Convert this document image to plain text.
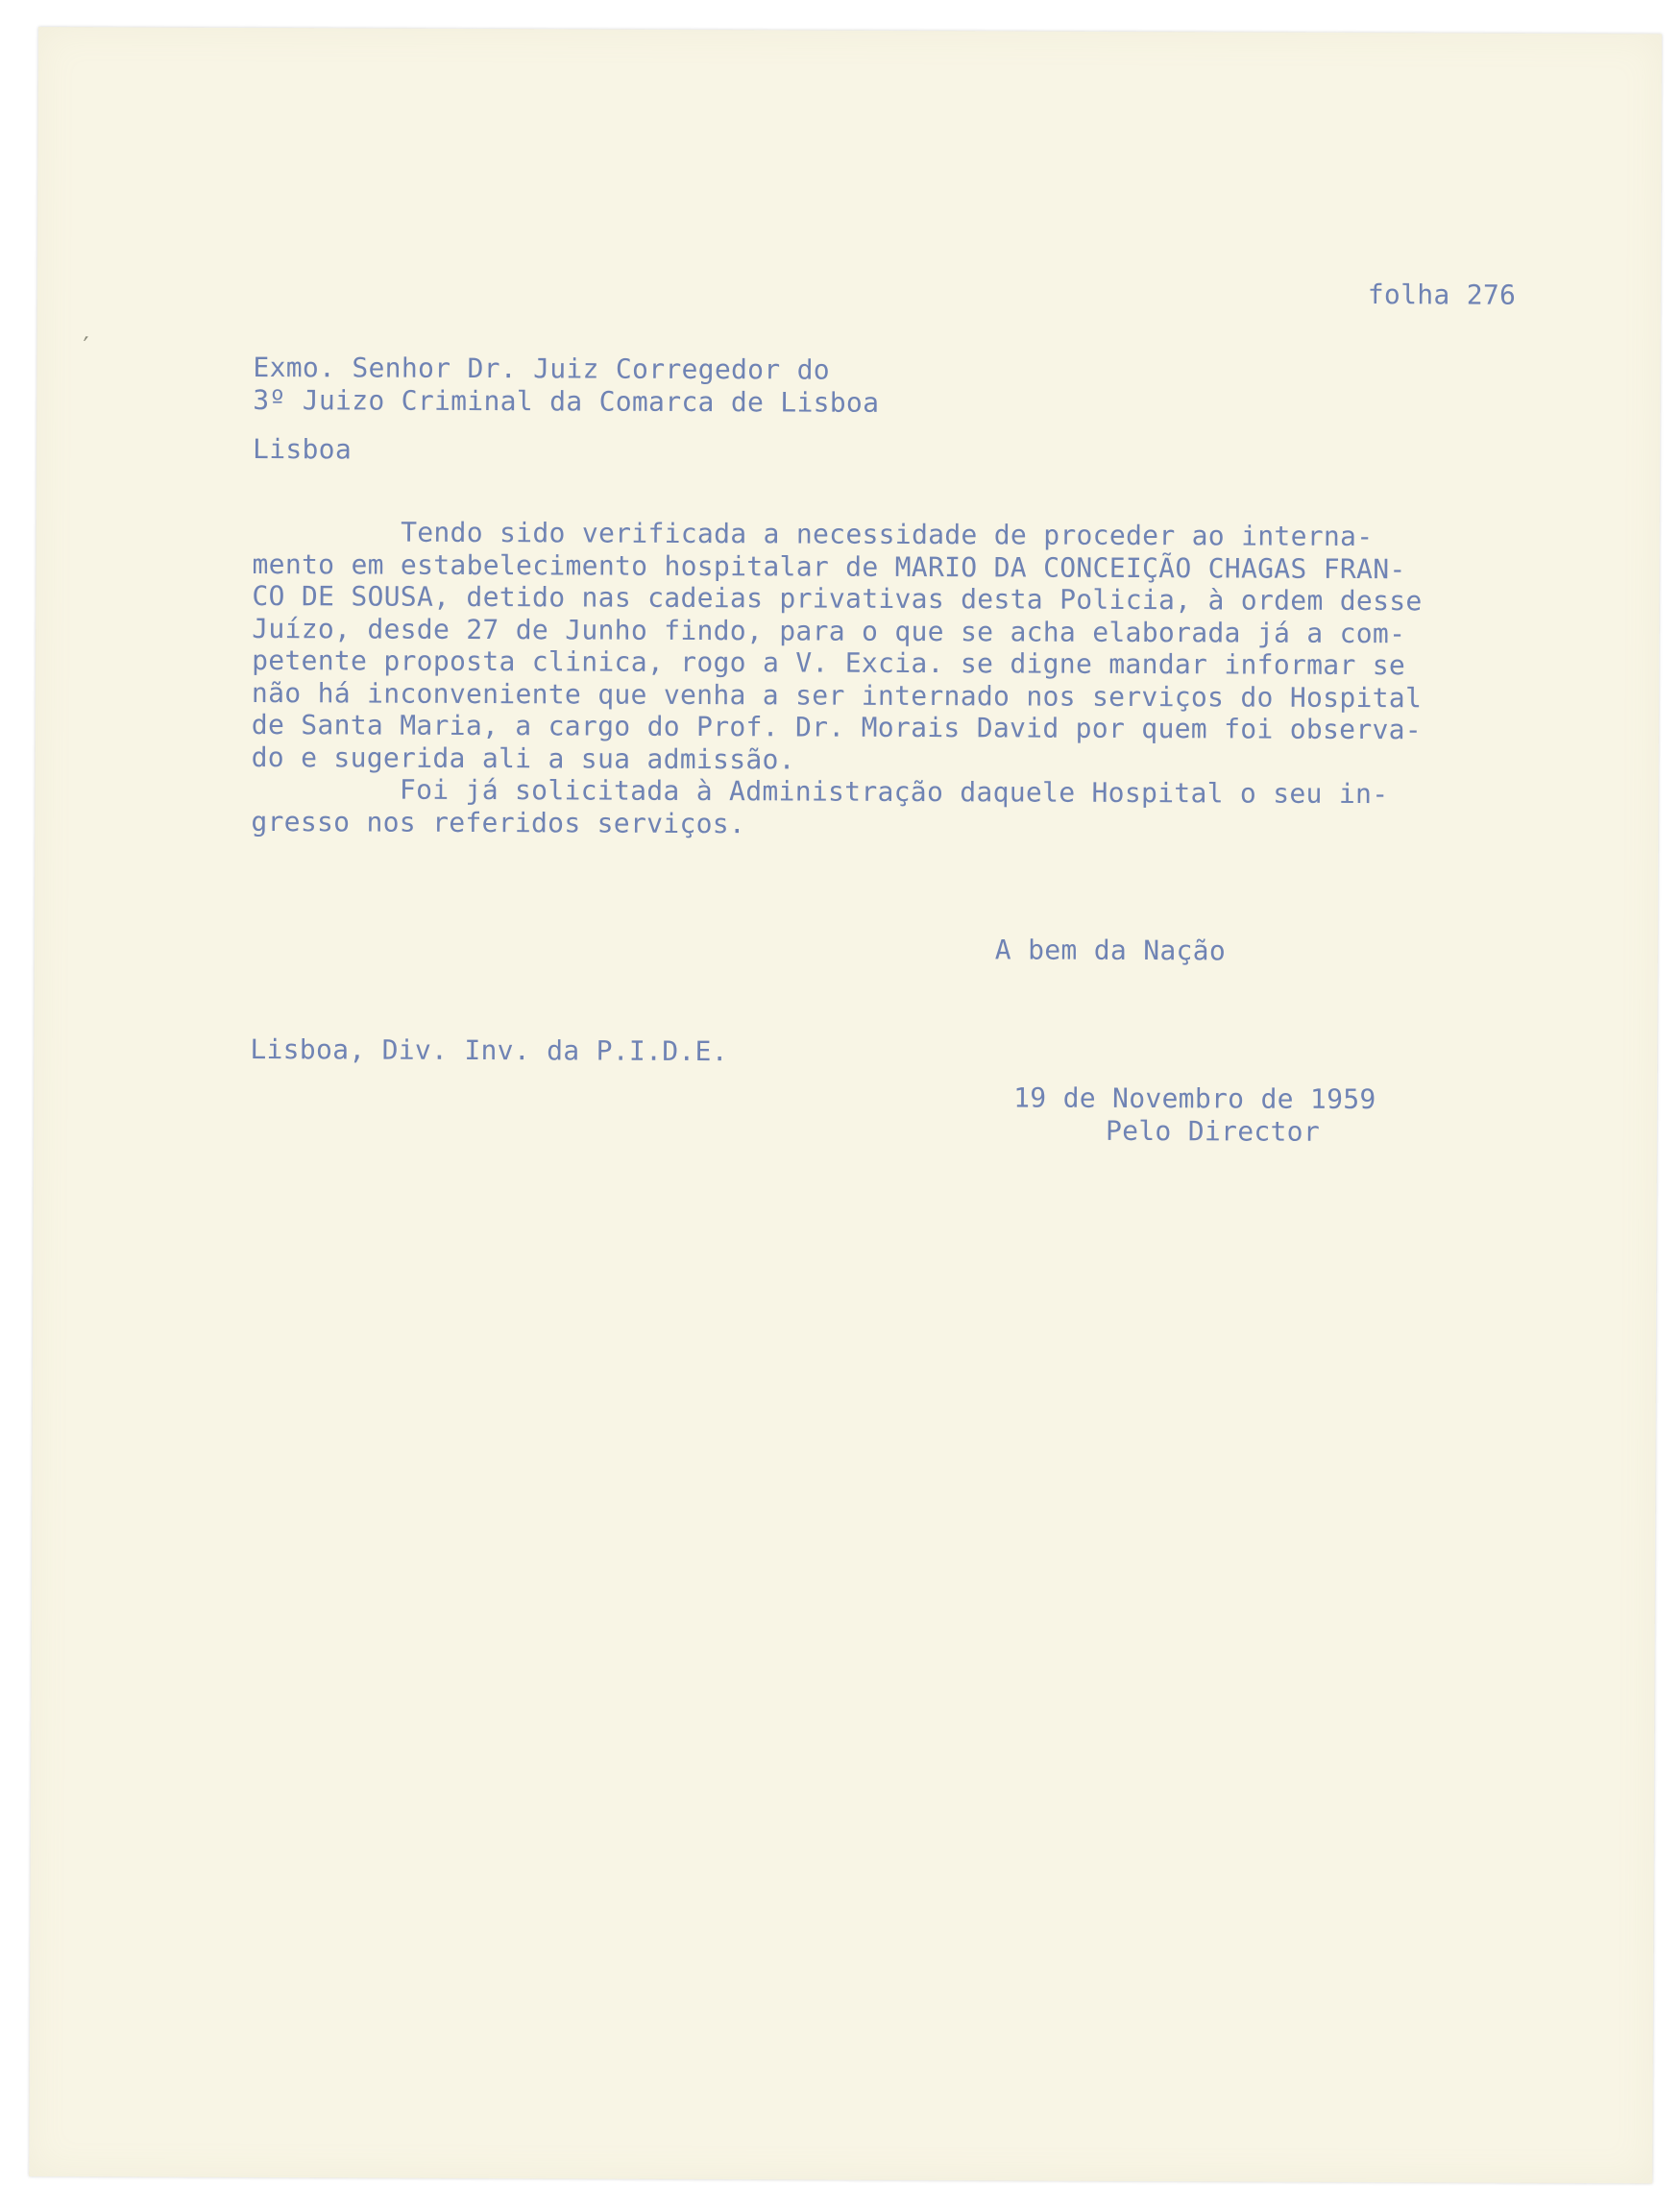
folha 276

Exmo. Senhor Dr. Juiz Corregedor do
3º Juizo Criminal da Comarca de Lisboa

Lisboa

Tendo sido verificada a necessidade de proceder ao interna-
mento em estabelecimento hospitalar de MARIO DA CONCEIÇÃO CHAGAS FRAN-
CO DE SOUSA, detido nas cadeias privativas desta Policia, à ordem desse
Juízo, desde 27 de Junho findo, para o que se acha elaborada já a com-
petente proposta clinica, rogo a V. Excia. se digne mandar informar se
não há inconveniente que venha a ser internado nos serviços do Hospital
de Santa Maria, a cargo do Prof. Dr. Morais David por quem foi observa-
do e sugerida ali a sua admissão.
Foi já solicitada à Administração daquele Hospital o seu in-
gresso nos referidos serviços.

A bem da Nação

Lisboa, Div. Inv. da P.I.D.E.

19 de Novembro de 1959
Pelo Director
′
